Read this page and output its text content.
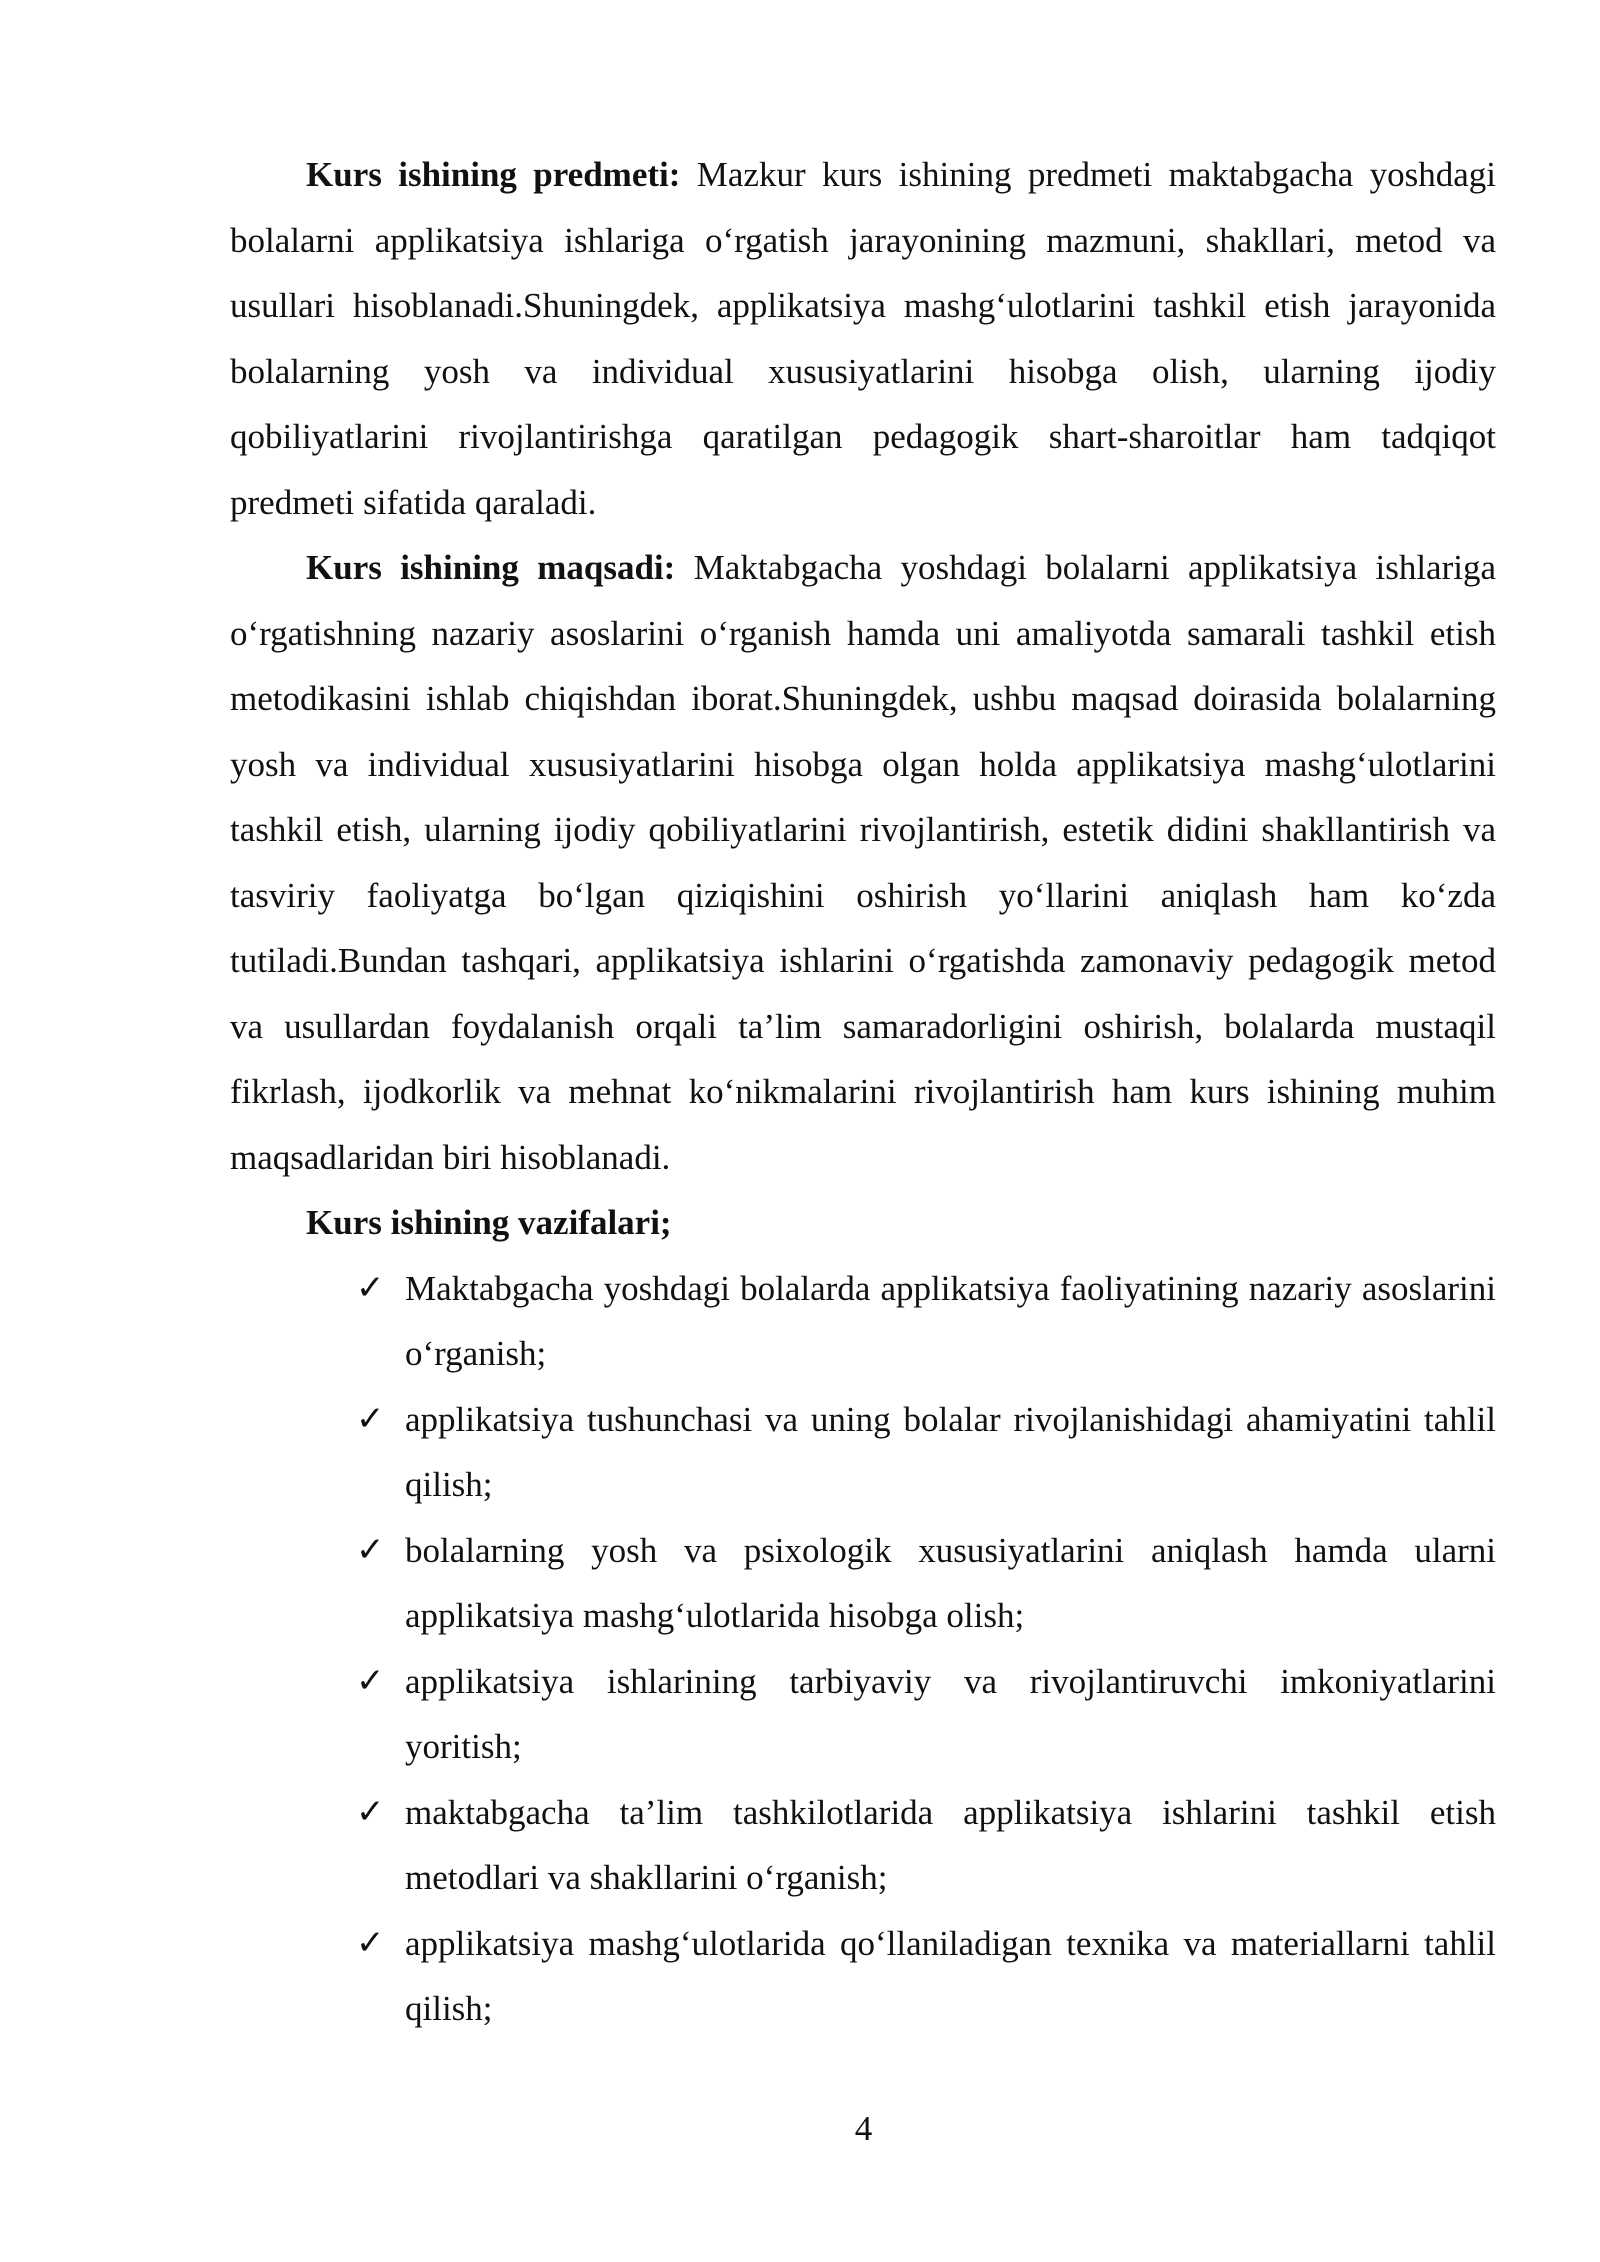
Kurs ishining predmeti: Mazkur kurs ishining predmeti maktabgacha yoshdagi bolalarni applikatsiya ishlariga o‘rgatish jarayonining mazmuni, shakllari, metod va usullari hisoblanadi.Shuningdek, applikatsiya mashg‘ulotlarini tashkil etish jarayonida bolalarning yosh va individual xususiyatlarini hisobga olish, ularning ijodiy qobiliyatlarini rivojlantirishga qaratilgan pedagogik shart-sharoitlar ham tadqiqot predmeti sifatida qaraladi.

Kurs ishining maqsadi: Maktabgacha yoshdagi bolalarni applikatsiya ishlariga o‘rgatishning nazariy asoslarini o‘rganish hamda uni amaliyotda samarali tashkil etish metodikasini ishlab chiqishdan iborat.Shuningdek, ushbu maqsad doirasida bolalarning yosh va individual xususiyatlarini hisobga olgan holda applikatsiya mashg‘ulotlarini tashkil etish, ularning ijodiy qobiliyatlarini rivojlantirish, estetik didini shakllantirish va tasviriy faoliyatga bo‘lgan qiziqishini oshirish yo‘llarini aniqlash ham ko‘zda tutiladi.Bundan tashqari, applikatsiya ishlarini o‘rgatishda zamonaviy pedagogik metod va usullardan foydalanish orqali ta’lim samaradorligini oshirish, bolalarda mustaqil fikrlash, ijodkorlik va mehnat ko‘nikmalarini rivojlantirish ham kurs ishining muhim maqsadlaridan biri hisoblanadi.

Kurs ishining vazifalari;

✓ Maktabgacha yoshdagi bolalarda applikatsiya faoliyatining nazariy asoslarini o‘rganish;
✓ applikatsiya tushunchasi va uning bolalar rivojlanishidagi ahamiyatini tahlil qilish;
✓ bolalarning yosh va psixologik xususiyatlarini aniqlash hamda ularni applikatsiya mashg‘ulotlarida hisobga olish;
✓ applikatsiya ishlarining tarbiyaviy va rivojlantiruvchi imkoniyatlarini yoritish;
✓ maktabgacha ta’lim tashkilotlarida applikatsiya ishlarini tashkil etish metodlari va shakllarini o‘rganish;
✓ applikatsiya mashg‘ulotlarida qo‘llaniladigan texnika va materiallarni tahlil qilish;
4
